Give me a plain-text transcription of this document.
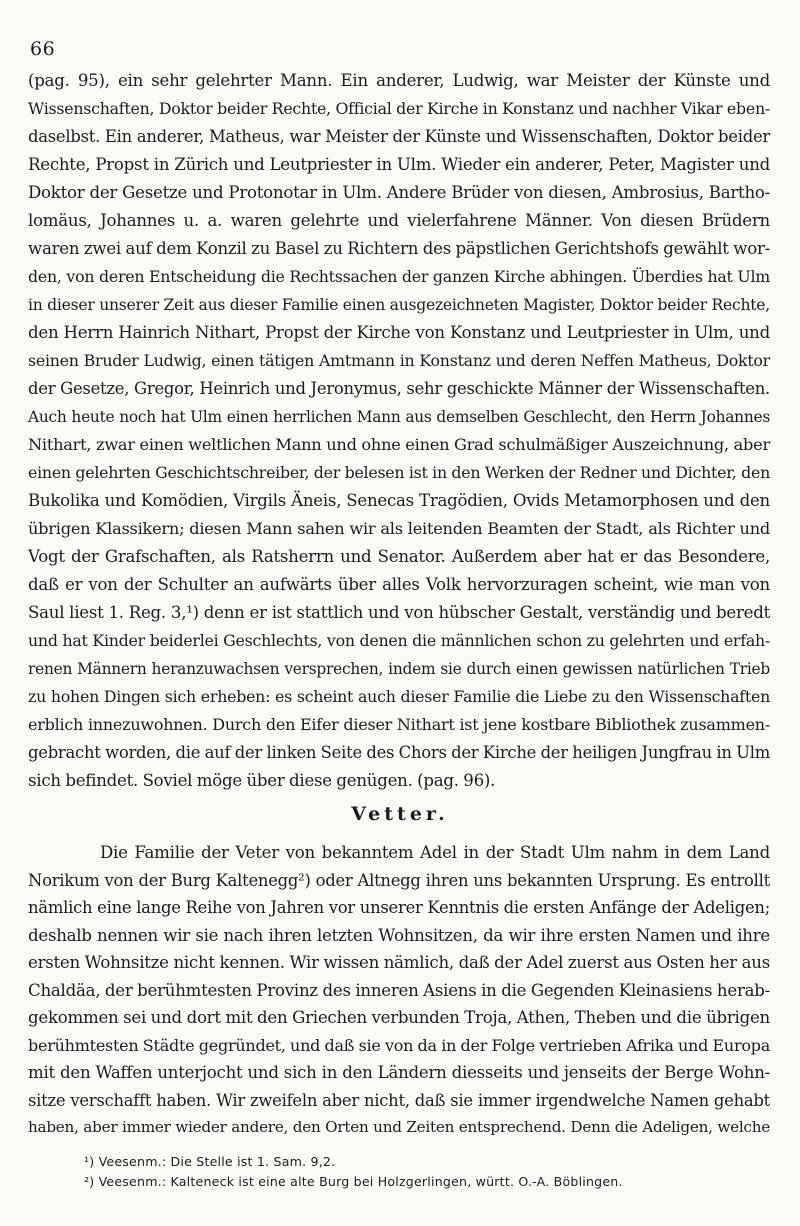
66
(pag. 95), ein sehr gelehrter Mann. Ein anderer, Ludwig, war Meister der Künste und
Wissenschaften, Doktor beider Rechte, Official der Kirche in Konstanz und nachher Vikar eben-
daselbst. Ein anderer, Matheus, war Meister der Künste und Wissenschaften, Doktor beider
Rechte, Propst in Zürich und Leutpriester in Ulm. Wieder ein anderer, Peter, Magister und
Doktor der Gesetze und Protonotar in Ulm. Andere Brüder von diesen, Ambrosius, Bartho-
lomäus, Johannes u. a. waren gelehrte und vielerfahrene Männer. Von diesen Brüdern
waren zwei auf dem Konzil zu Basel zu Richtern des päpstlichen Gerichtshofs gewählt wor-
den, von deren Entscheidung die Rechtssachen der ganzen Kirche abhingen. Überdies hat Ulm
in dieser unserer Zeit aus dieser Familie einen ausgezeichneten Magister, Doktor beider Rechte,
den Herrn Hainrich Nithart, Propst der Kirche von Konstanz und Leutpriester in Ulm, und
seinen Bruder Ludwig, einen tätigen Amtmann in Konstanz und deren Neffen Matheus, Doktor
der Gesetze, Gregor, Heinrich und Jeronymus, sehr geschickte Männer der Wissenschaften.
Auch heute noch hat Ulm einen herrlichen Mann aus demselben Geschlecht, den Herrn Johannes
Nithart, zwar einen weltlichen Mann und ohne einen Grad schulmäßiger Auszeichnung, aber
einen gelehrten Geschichtschreiber, der belesen ist in den Werken der Redner und Dichter, den
Bukolika und Komödien, Virgils Äneis, Senecas Tragödien, Ovids Metamorphosen und den
übrigen Klassikern; diesen Mann sahen wir als leitenden Beamten der Stadt, als Richter und
Vogt der Grafschaften, als Ratsherrn und Senator. Außerdem aber hat er das Besondere,
daß er von der Schulter an aufwärts über alles Volk hervorzuragen scheint, wie man von
Saul liest 1. Reg. 3,¹) denn er ist stattlich und von hübscher Gestalt, verständig und beredt
und hat Kinder beiderlei Geschlechts, von denen die männlichen schon zu gelehrten und erfah-
renen Männern heranzuwachsen versprechen, indem sie durch einen gewissen natürlichen Trieb
zu hohen Dingen sich erheben: es scheint auch dieser Familie die Liebe zu den Wissenschaften
erblich innezuwohnen. Durch den Eifer dieser Nithart ist jene kostbare Bibliothek zusammen-
gebracht worden, die auf der linken Seite des Chors der Kirche der heiligen Jungfrau in Ulm
sich befindet. Soviel möge über diese genügen. (pag. 96).
Vetter.
Die Familie der Veter von bekanntem Adel in der Stadt Ulm nahm in dem Land
Norikum von der Burg Kaltenegg²) oder Altnegg ihren uns bekannten Ursprung. Es entrollt
nämlich eine lange Reihe von Jahren vor unserer Kenntnis die ersten Anfänge der Adeligen;
deshalb nennen wir sie nach ihren letzten Wohnsitzen, da wir ihre ersten Namen und ihre
ersten Wohnsitze nicht kennen. Wir wissen nämlich, daß der Adel zuerst aus Osten her aus
Chaldäa, der berühmtesten Provinz des inneren Asiens in die Gegenden Kleinasiens herab-
gekommen sei und dort mit den Griechen verbunden Troja, Athen, Theben und die übrigen
berühmtesten Städte gegründet, und daß sie von da in der Folge vertrieben Afrika und Europa
mit den Waffen unterjocht und sich in den Ländern diesseits und jenseits der Berge Wohn-
sitze verschafft haben. Wir zweifeln aber nicht, daß sie immer irgendwelche Namen gehabt
haben, aber immer wieder andere, den Orten und Zeiten entsprechend. Denn die Adeligen, welche
¹) Veesenm.: Die Stelle ist 1. Sam. 9,2.
²) Veesenm.: Kalteneck ist eine alte Burg bei Holzgerlingen, württ. O.-A. Böblingen.
